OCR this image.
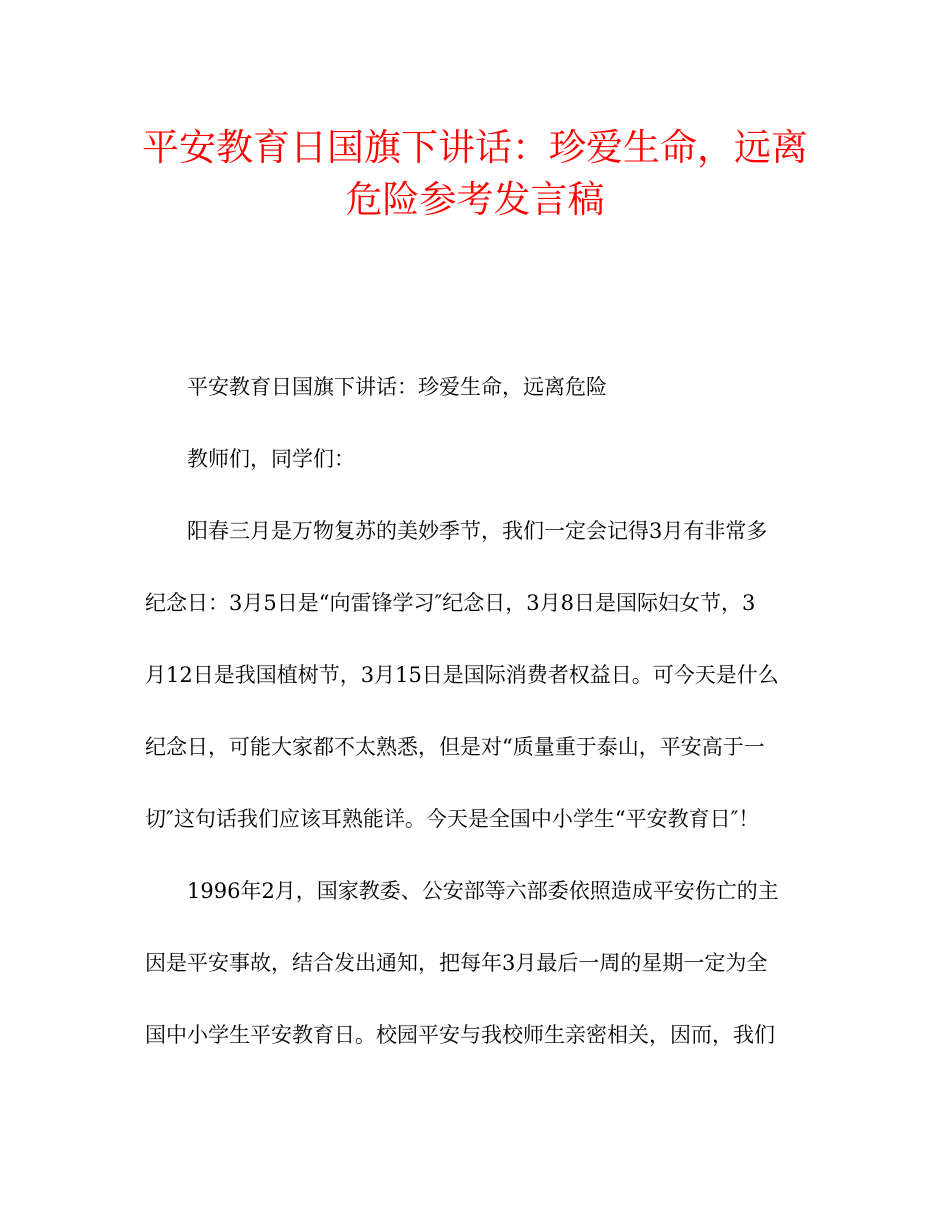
平安教育日国旗下讲话：珍爱生命，远离
危险参考发言稿
平安教育日国旗下讲话：珍爱生命，远离危险
教师们，同学们：
阳春三月是万物复苏的美妙季节，我们一定会记得3月有非常多
纪念日：3月5日是“向雷锋学习″纪念日，3月8日是国际妇女节，3
月12日是我国植树节，3月15日是国际消费者权益日。可今天是什么
纪念日，可能大家都不太熟悉，但是对“质量重于泰山，平安高于一
切″这句话我们应该耳熟能详。今天是全国中小学生“平安教育日″！
1996年2月，国家教委、公安部等六部委依照造成平安伤亡的主
因是平安事故，结合发出通知，把每年3月最后一周的星期一定为全
国中小学生平安教育日。校园平安与我校师生亲密相关，因而，我们
